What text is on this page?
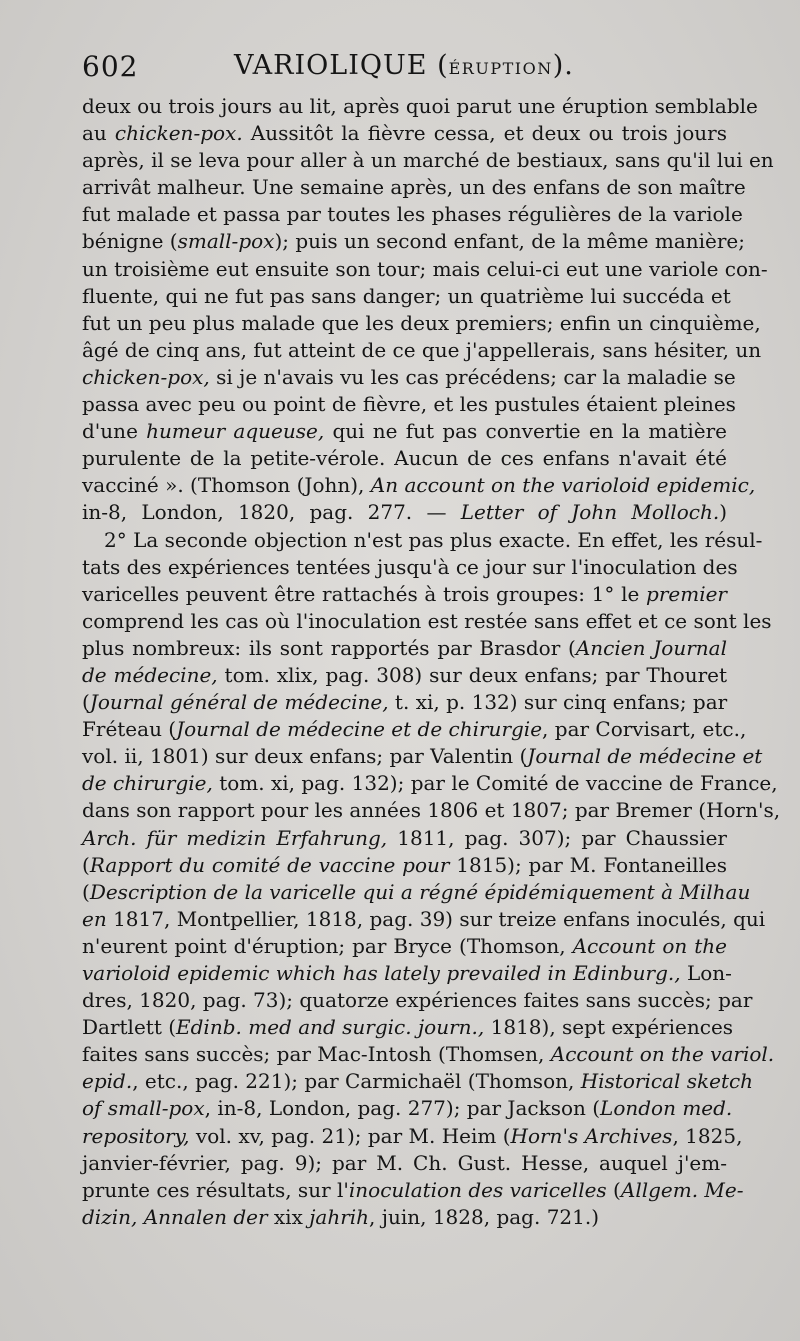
602	VARIOLIQUE (ÉRUPTION).
deux ou trois jours au lit, après quoi parut une éruption semblable
au chicken-pox. Aussitôt la fièvre cessa, et deux ou trois jours
après, il se leva pour aller à un marché de bestiaux, sans qu'il lui en
arrivât malheur. Une semaine après, un des enfans de son maître
fut malade et passa par toutes les phases régulières de la variole
bénigne (small-pox); puis un second enfant, de la même manière;
un troisième eut ensuite son tour; mais celui-ci eut une variole con-
fluente, qui ne fut pas sans danger; un quatrième lui succéda et
fut un peu plus malade que les deux premiers; enfin un cinquième,
âgé de cinq ans, fut atteint de ce que j'appellerais, sans hésiter, un
chicken-pox, si je n'avais vu les cas précédens; car la maladie se
passa avec peu ou point de fièvre, et les pustules étaient pleines
d'une humeur aqueuse, qui ne fut pas convertie en la matière
purulente de la petite-vérole. Aucun de ces enfans n'avait été
vacciné ». (Thomson (John), An account on the varioloid epidemic,
in-8, London, 1820, pag. 277. — Letter of John Molloch.)
2° La seconde objection n'est pas plus exacte. En effet, les résul-
tats des expériences tentées jusqu'à ce jour sur l'inoculation des
varicelles peuvent être rattachés à trois groupes: 1° le premier
comprend les cas où l'inoculation est restée sans effet et ce sont les
plus nombreux: ils sont rapportés par Brasdor (Ancien Journal
de médecine, tom. xlix, pag. 308) sur deux enfans; par Thouret
(Journal général de médecine, t. xi, p. 132) sur cinq enfans; par
Fréteau (Journal de médecine et de chirurgie, par Corvisart, etc.,
vol. ii, 1801) sur deux enfans; par Valentin (Journal de médecine et
de chirurgie, tom. xi, pag. 132); par le Comité de vaccine de France,
dans son rapport pour les années 1806 et 1807; par Bremer (Horn's,
Arch. für medizin Erfahrung, 1811, pag. 307); par Chaussier
(Rapport du comité de vaccine pour 1815); par M. Fontaneilles
(Description de la varicelle qui a régné épidémiquement à Milhau
en 1817, Montpellier, 1818, pag. 39) sur treize enfans inoculés, qui
n'eurent point d'éruption; par Bryce (Thomson, Account on the
varioloid epidemic which has lately prevailed in Edinburg., Lon-
dres, 1820, pag. 73); quatorze expériences faites sans succès; par
Dartlett (Edinb. med and surgic. journ., 1818), sept expériences
faites sans succès; par Mac-Intosh (Thomsen, Account on the variol.
epid., etc., pag. 221); par Carmichaël (Thomson, Historical sketch
of small-pox, in-8, London, pag. 277); par Jackson (London med.
repository, vol. xv, pag. 21); par M. Heim (Horn's Archives, 1825,
janvier-février, pag. 9); par M. Ch. Gust. Hesse, auquel j'em-
prunte ces résultats, sur l'inoculation des varicelles (Allgem. Me-
dizin, Annalen der xix jahrih, juin, 1828, pag. 721.)
